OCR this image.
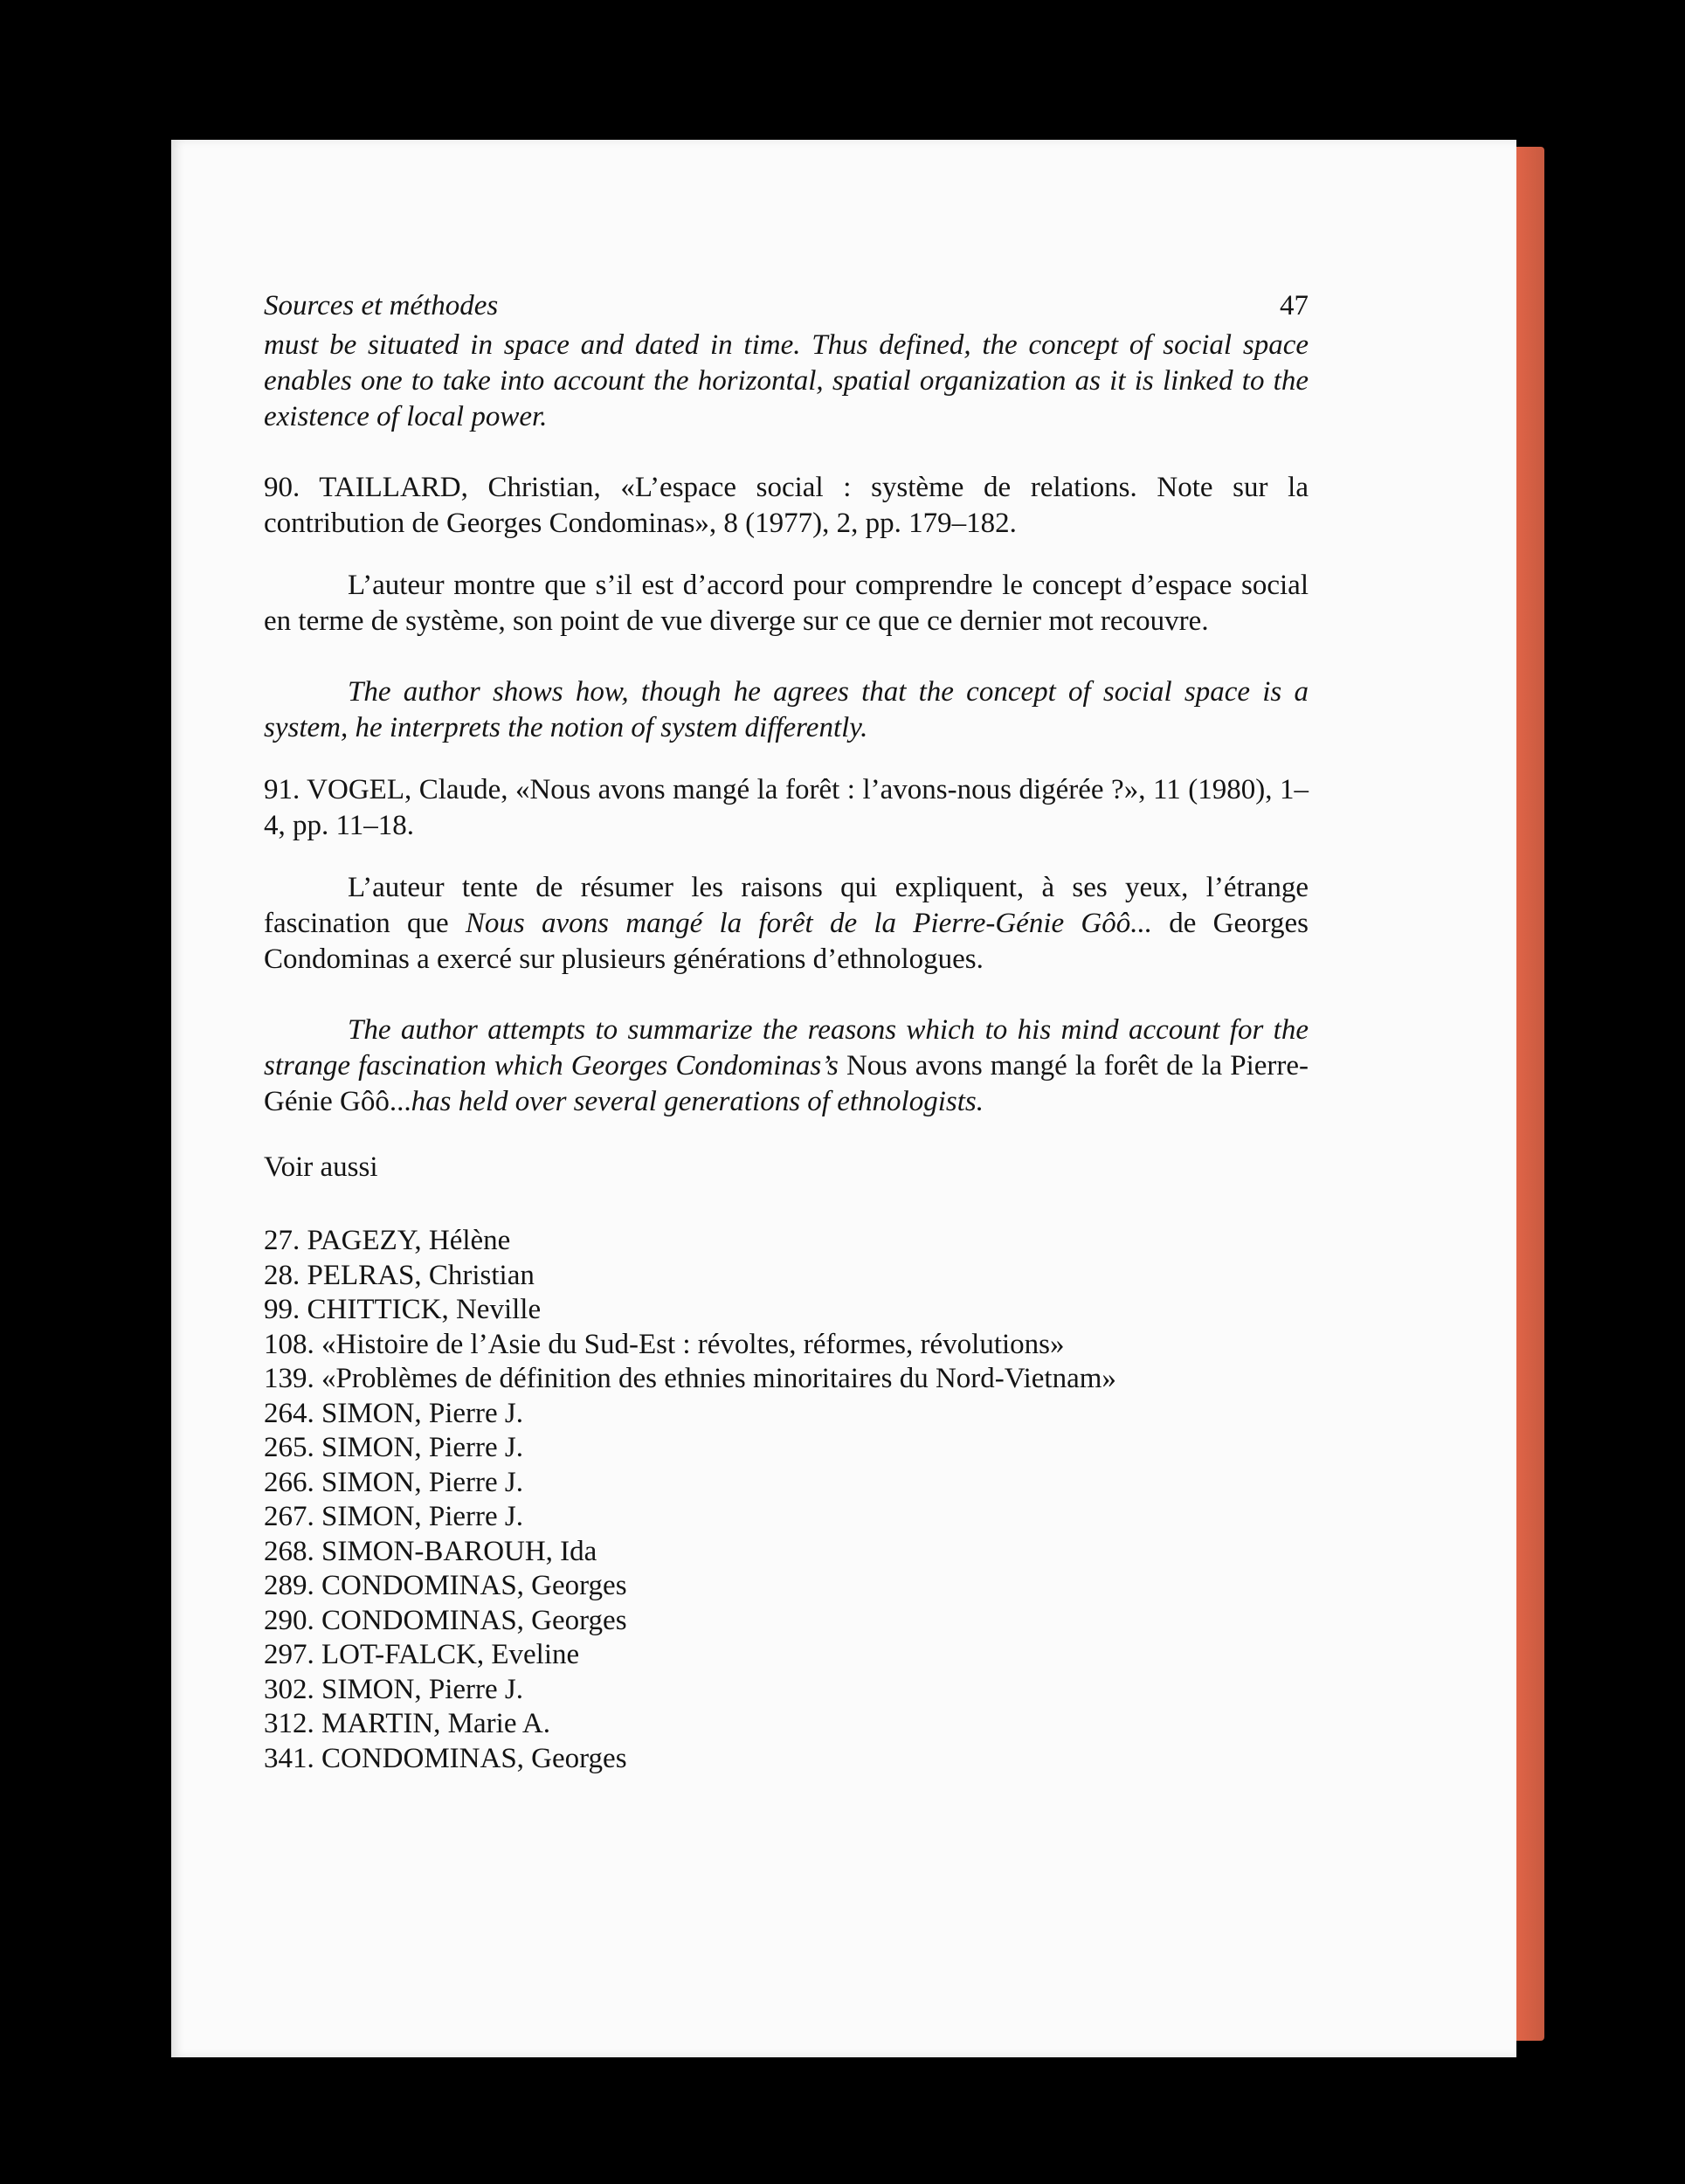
Sources et méthodes	47

must be situated in space and dated in time. Thus defined, the concept of social space enables one to take into account the horizontal, spatial organization as it is linked to the existence of local power.

90. TAILLARD, Christian, «L’espace social : système de relations. Note sur la contribution de Georges Condominas», 8 (1977), 2, pp. 179–182.

L’auteur montre que s’il est d’accord pour comprendre le concept d’espace social en terme de système, son point de vue diverge sur ce que ce dernier mot recouvre.

The author shows how, though he agrees that the concept of social space is a system, he interprets the notion of system differently.

91. VOGEL, Claude, «Nous avons mangé la forêt : l’avons-nous digérée ?», 11 (1980), 1–4, pp. 11–18.

L’auteur tente de résumer les raisons qui expliquent, à ses yeux, l’étrange fascination que Nous avons mangé la forêt de la Pierre-Génie Gôô... de Georges Condominas a exercé sur plusieurs générations d’ethnologues.

The author attempts to summarize the reasons which to his mind account for the strange fascination which Georges Condominas’s Nous avons mangé la forêt de la Pierre-Génie Gôô...has held over several generations of ethnologists.

Voir aussi
27. PAGEZY, Hélène
28. PELRAS, Christian
99. CHITTICK, Neville
108. «Histoire de l’Asie du Sud-Est : révoltes, réformes, révolutions»
139. «Problèmes de définition des ethnies minoritaires du Nord-Vietnam»
264. SIMON, Pierre J.
265. SIMON, Pierre J.
266. SIMON, Pierre J.
267. SIMON, Pierre J.
268. SIMON-BAROUH, Ida
289. CONDOMINAS, Georges
290. CONDOMINAS, Georges
297. LOT-FALCK, Eveline
302. SIMON, Pierre J.
312. MARTIN, Marie A.
341. CONDOMINAS, Georges
